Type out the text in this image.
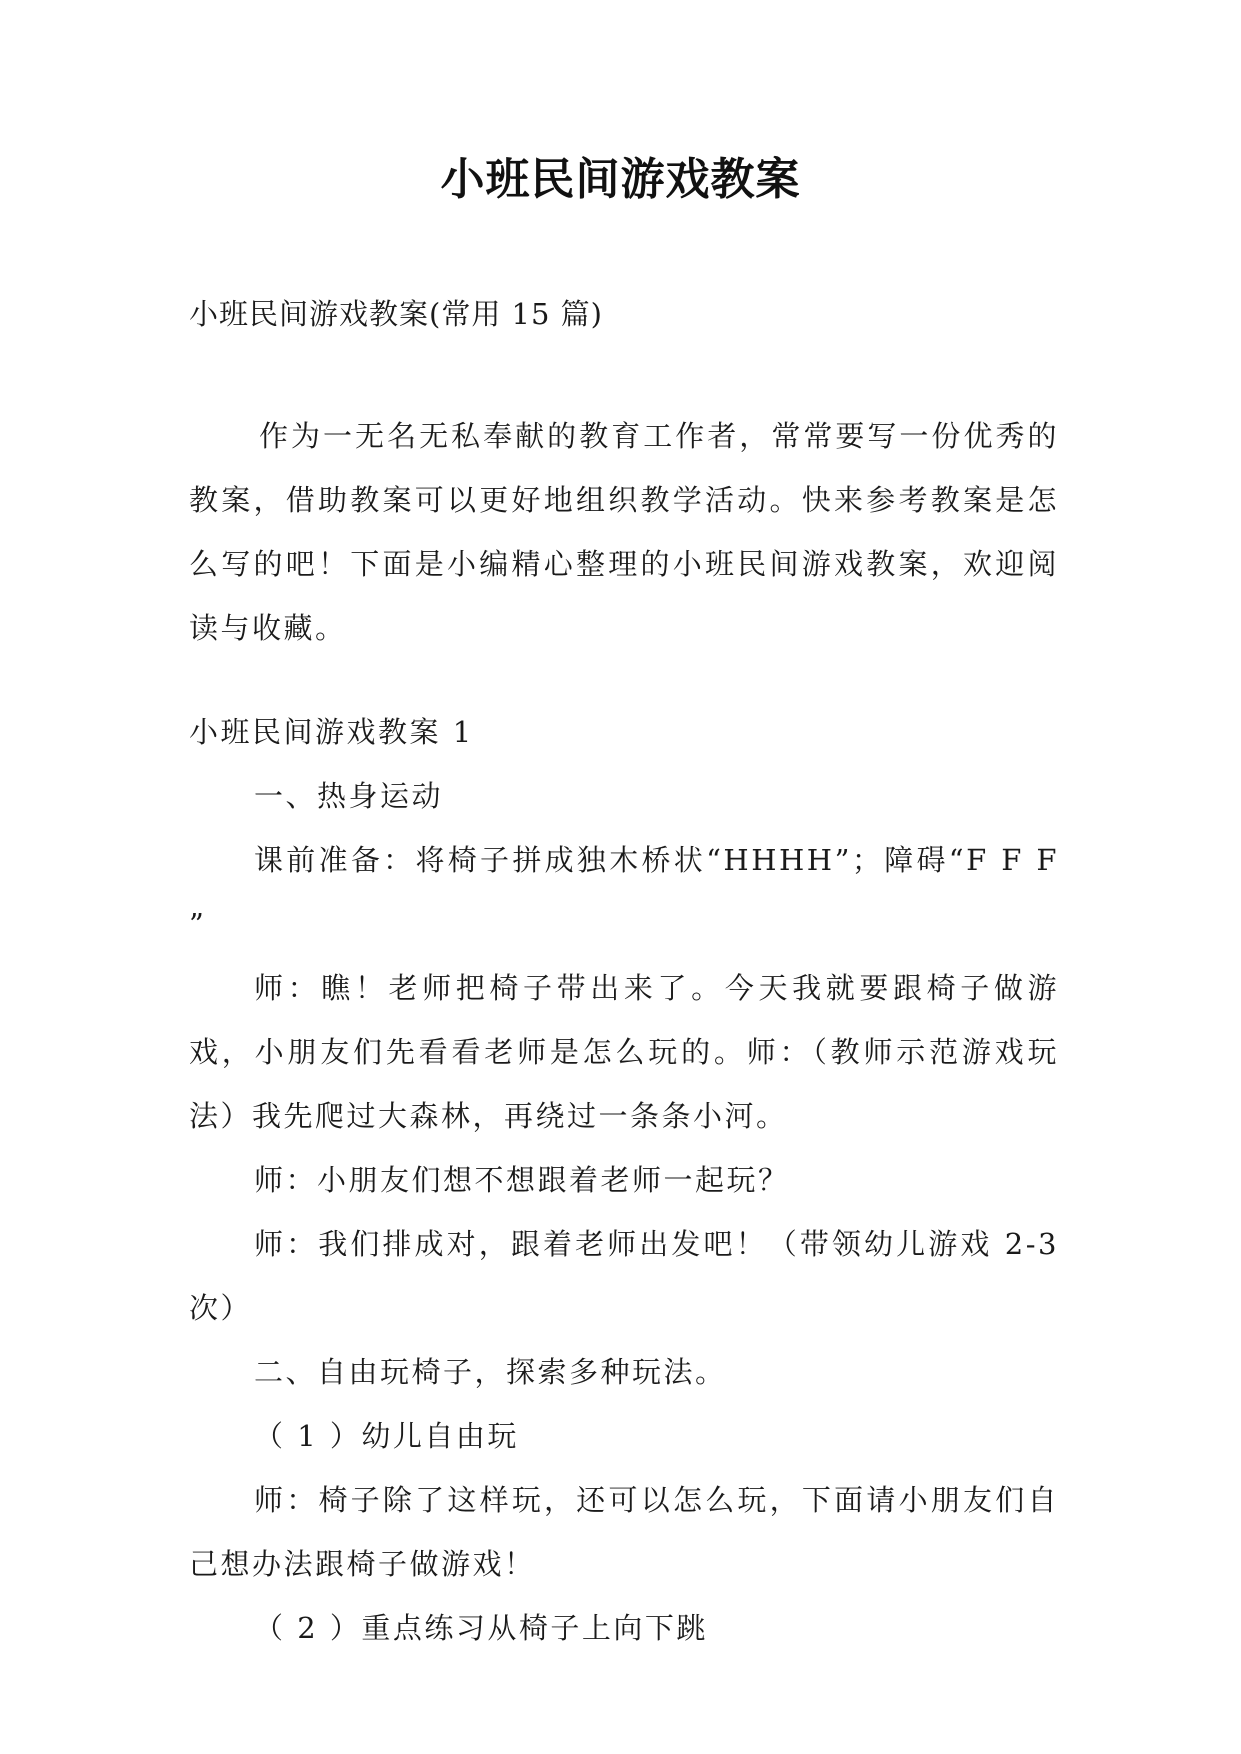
小班民间游戏教案
小班民间游戏教案(常用 15 篇)
作为一无名无私奉献的教育工作者，常常要写一份优秀的教案，借助教案可以更好地组织教学活动。快来参考教案是怎么写的吧！下面是小编精心整理的小班民间游戏教案，欢迎阅读与收藏。

小班民间游戏教案 1

一、热身运动

课前准备：将椅子拼成独木桥状“HHHH”；障碍“F F F ”

师：瞧！老师把椅子带出来了。今天我就要跟椅子做游戏，小朋友们先看看老师是怎么玩的。师：（教师示范游戏玩法）我先爬过大森林，再绕过一条条小河。

师：小朋友们想不想跟着老师一起玩？

师：我们排成对，跟着老师出发吧！（带领幼儿游戏 2-3 次）

二、自由玩椅子，探索多种玩法。

（ 1 ）幼儿自由玩

师：椅子除了这样玩，还可以怎么玩，下面请小朋友们自己想办法跟椅子做游戏！

（ 2 ）重点练习从椅子上向下跳
